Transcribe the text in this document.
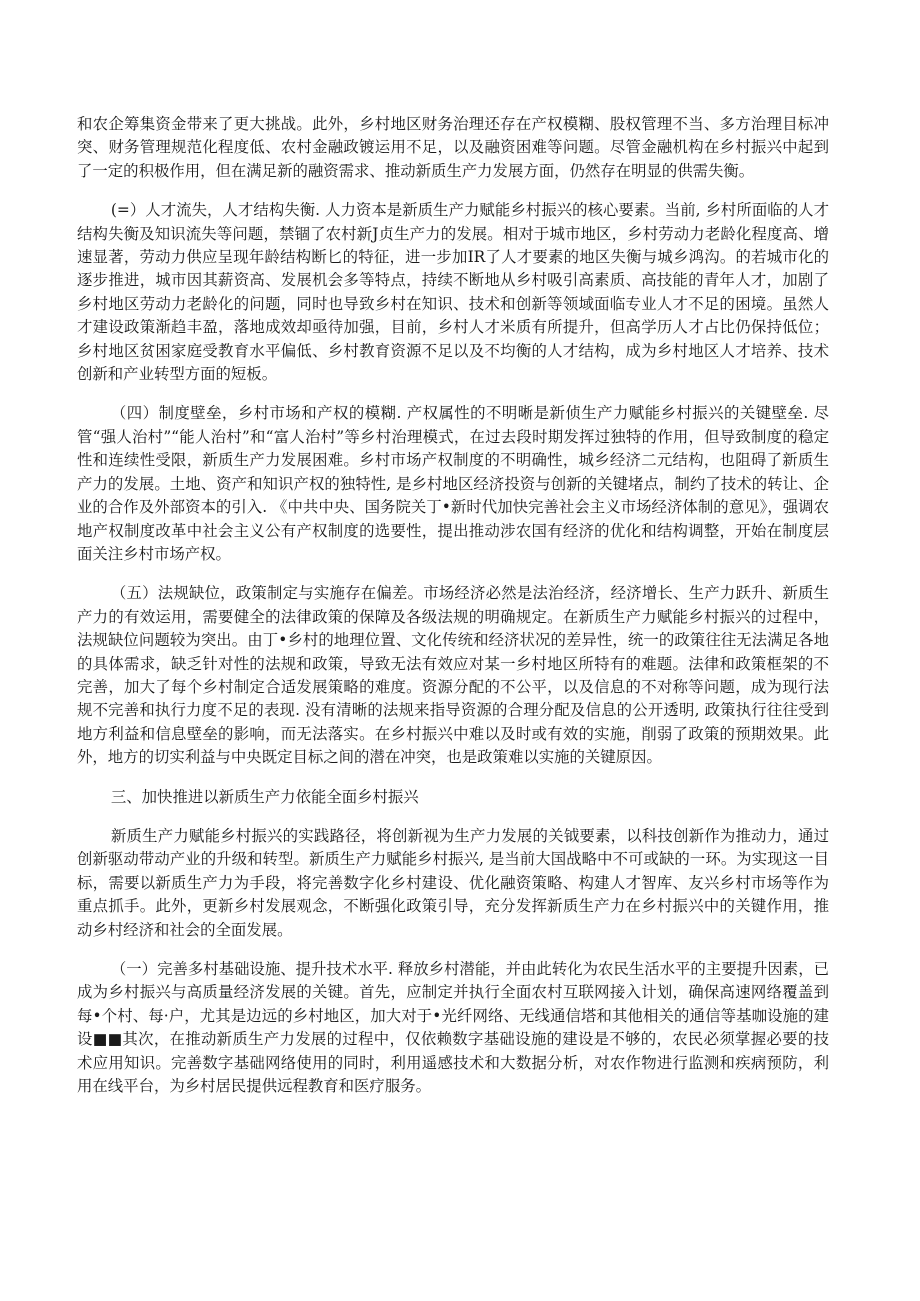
和农企筹集资金带来了更大挑战。此外，乡村地区财务治理还存在产权模糊、股权管理不当、多方治理目标冲突、财务管理规范化程度低、农村金融政镀运用不足，以及融资困难等问题。尽管金融机构在乡村振兴中起到了一定的积极作用，但在满足新的融资需求、推动新质生产力发展方面，仍然存在明显的供需失衡。

(=）人才流失，人才结构失衡. 人力资本是新质生产力赋能乡村振兴的核心要素。当前, 乡村所面临的人才结构失衡及知识流失等问题，禁锢了农村新J贞生产力的发展。相对于城市地区，乡村劳动力老龄化程度高、增速显著，劳动力供应呈现年龄结构断匕的特征，进一步加IR了人才要素的地区失衡与城乡鸿沟。的若城市化的逐步推进，城市因其薪资高、发展机会多等特点，持续不断地从乡村吸引高素质、高技能的青年人才，加剧了乡村地区劳动力老龄化的问题，同时也导致乡村在知识、技术和创新等领域面临专业人才不足的困境。虽然人才建设政策渐趋丰盈，落地成效却亟待加强，目前，乡村人才米质有所提升，但高学历人才占比仍保持低位；乡村地区贫困家庭受教育水平偏低、乡村教育资源不足以及不均衡的人才结构，成为乡村地区人才培养、技术创新和产业转型方面的短板。

（四）制度壁垒，乡村市场和产权的模糊. 产权属性的不明晰是新侦生产力赋能乡村振兴的关键壁垒. 尽管“强人治村”“能人治村”和“富人治村”等乡村治理模式，在过去段时期发挥过独特的作用，但导致制度的稳定性和连续性受限，新质生产力发展困难。乡村市场产权制度的不明确性，城乡经济二元结构，也阻碍了新质生产力的发展。土地、资产和知识产权的独特性, 是乡村地区经济投资与创新的关键堵点，制约了技术的转让、企业的合作及外部资本的引入. 《中共中央、国务院关丁•新时代加快完善社会主义市场经济体制的意见》，强调农地产权制度改革中社会主义公有产权制度的选要性，提出推动涉农国有经济的优化和结构调整，开始在制度层面关注乡村市场产权。

（五）法规缺位，政策制定与实施存在偏差。市场经济必然是法治经济，经济增长、生产力跃升、新质生产力的有效运用，需要健全的法律政策的保障及各级法规的明确规定。在新质生产力赋能乡村振兴的过程中，法规缺位问题较为突出。由丁•乡村的地理位置、文化传统和经济状况的差异性，统一的政策往往无法满足各地的具体需求，缺乏针对性的法规和政策，导致无法有效应对某一乡村地区所特有的难题。法律和政策框架的不完善，加大了每个乡村制定合适发展策略的难度。资源分配的不公平，以及信息的不对称等问题，成为现行法规不完善和执行力度不足的表现. 没有清晰的法规来指导资源的合理分配及信息的公开透明, 政策执行往往受到地方利益和信息壁垒的影响，而无法落实。在乡村振兴中难以及时或有效的实施，削弱了政策的预期效果。此外，地方的切实利益与中央既定目标之间的潜在冲突，也是政策难以实施的关键原因。

三、加快推进以新质生产力依能全面乡村振兴

新质生产力赋能乡村振兴的实践路径，将创新视为生产力发展的关钺要素，以科技创新作为推动力，通过创新驱动带动产业的升级和转型。新质生产力赋能乡村振兴, 是当前大国战略中不可或缺的一环。为实现这一目标，需要以新质生产力为手段，将完善数字化乡村建设、优化融资策略、构建人才智库、友兴乡村市场等作为重点抓手。此外，更新乡村发展观念，不断强化政策引导，充分发挥新质生产力在乡村振兴中的关键作用，推动乡村经济和社会的全面发展。

（一）完善多村基础设施、提升技术水平. 释放乡村潜能，并由此转化为农民生活水平的主要提升因素，已成为乡村振兴与高质量经济发展的关键。首先，应制定并执行全面农村互联网接入计划，确保高速网络覆盖到每•个村、每·户，尤其是边远的乡村地区，加大对于•光纤网络、无线通信塔和其他相关的通信等基咖设施的建设■■其次，在推动新质生产力发展的过程中，仅依赖数字基础设施的建设是不够的，农民必须掌握必要的技术应用知识。完善数字基础网络使用的同时，利用遥感技术和大数据分析，对农作物进行监测和疾病预防，利用在线平台，为乡村居民提供远程教育和医疗服务。
